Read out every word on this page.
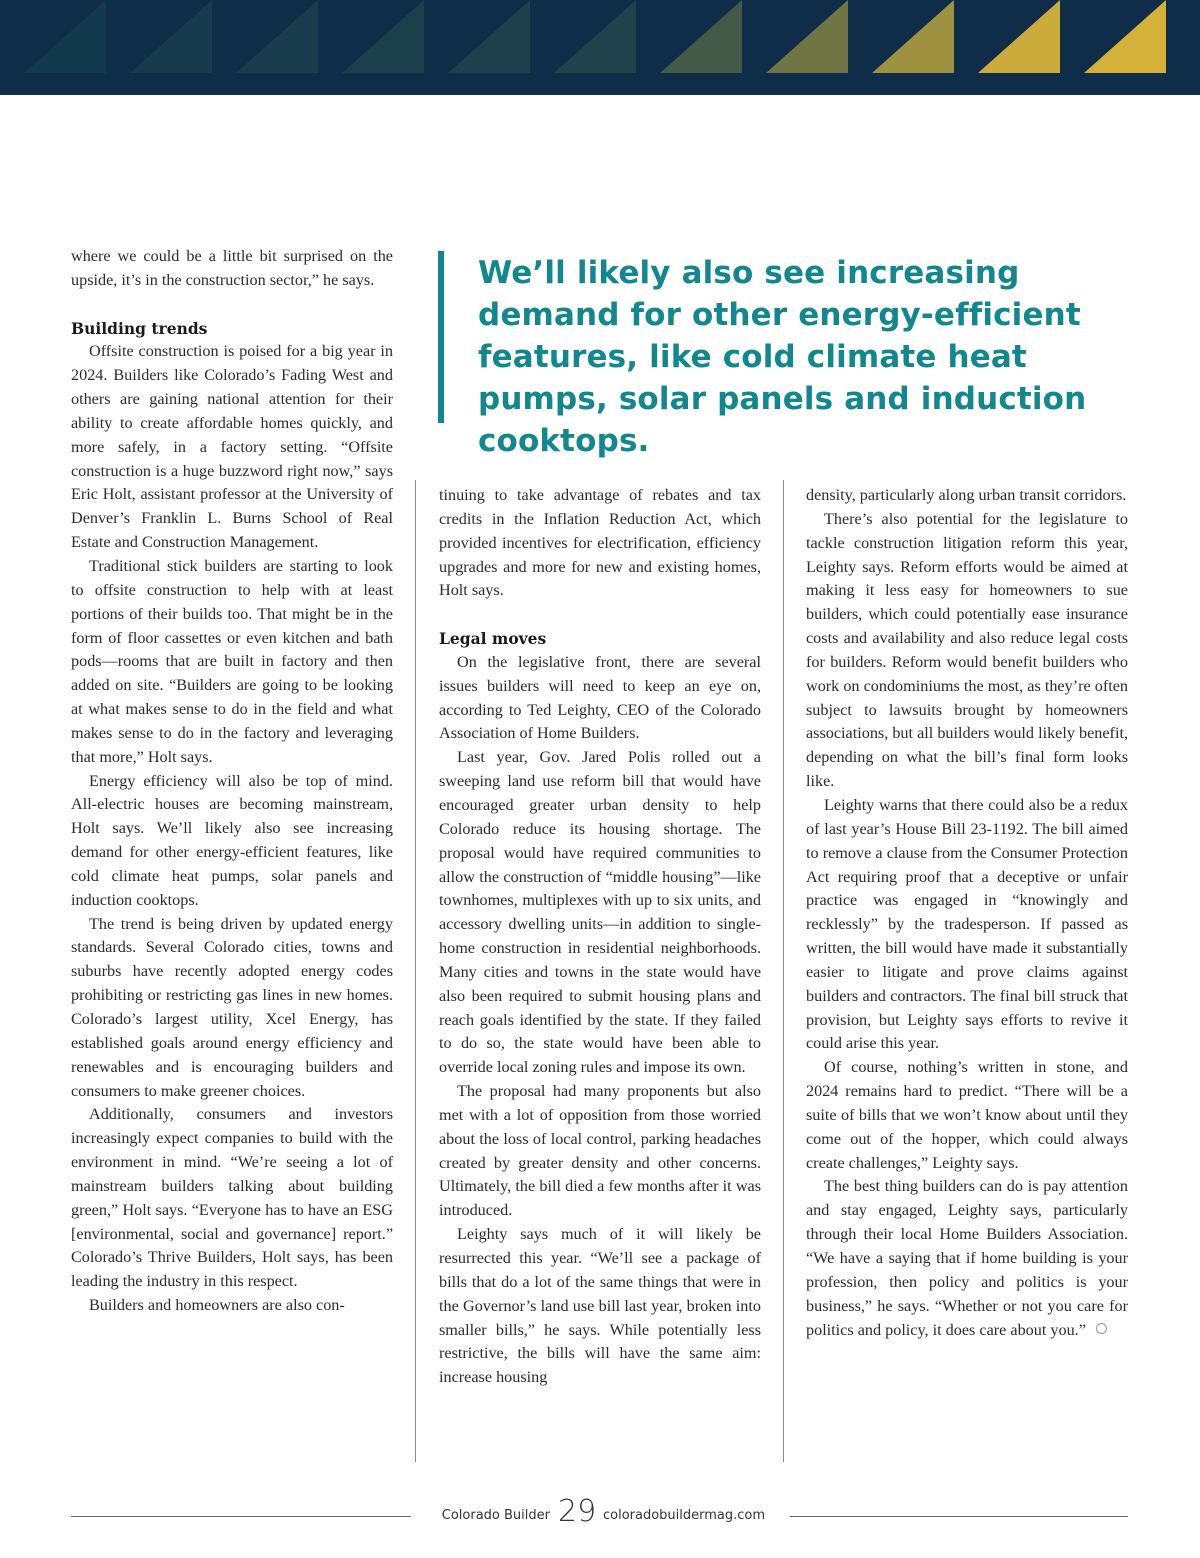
We’ll likely also see increasing demand for other energy-efficient features, like cold climate heat pumps, solar panels and induction cooktops.

where we could be a little bit surprised on the upside, it’s in the construction sector,” he says.

Building trends

Offsite construction is poised for a big year in 2024. Builders like Colorado’s Fading West and others are gaining national attention for their ability to create affordable homes quickly, and more safely, in a factory setting. “Offsite construction is a huge buzzword right now,” says Eric Holt, assistant professor at the University of Denver’s Franklin L. Burns School of Real Estate and Construction Management.

Traditional stick builders are starting to look to offsite construction to help with at least portions of their builds too. That might be in the form of floor cassettes or even kitchen and bath pods—rooms that are built in factory and then added on site. “Builders are going to be looking at what makes sense to do in the field and what makes sense to do in the factory and leveraging that more,” Holt says.

Energy efficiency will also be top of mind. All-electric houses are becoming mainstream, Holt says. We’ll likely also see increasing demand for other energy-efficient features, like cold climate heat pumps, solar panels and induction cooktops.

The trend is being driven by updated energy standards. Several Colorado cities, towns and suburbs have recently adopted energy codes prohibiting or restricting gas lines in new homes. Colorado’s largest utility, Xcel Energy, has established goals around energy efficiency and renewables and is encouraging builders and consumers to make greener choices.

Additionally, consumers and investors increasingly expect companies to build with the environment in mind. “We’re seeing a lot of mainstream builders talking about building green,” Holt says. “Everyone has to have an ESG [environmental, social and governance] report.” Colorado’s Thrive Builders, Holt says, has been leading the industry in this respect.

Builders and homeowners are also con-

tinuing to take advantage of rebates and tax credits in the Inflation Reduction Act, which provided incentives for electrification, efficiency upgrades and more for new and existing homes, Holt says.

Legal moves

On the legislative front, there are several issues builders will need to keep an eye on, according to Ted Leighty, CEO of the Colorado Association of Home Builders.

Last year, Gov. Jared Polis rolled out a sweeping land use reform bill that would have encouraged greater urban density to help Colorado reduce its housing shortage. The proposal would have required communities to allow the construction of “middle housing”—like townhomes, multiplexes with up to six units, and accessory dwelling units—in addition to single-home construction in residential neighborhoods. Many cities and towns in the state would have also been required to submit housing plans and reach goals identified by the state. If they failed to do so, the state would have been able to override local zoning rules and impose its own.

The proposal had many proponents but also met with a lot of opposition from those worried about the loss of local control, parking headaches created by greater density and other concerns. Ultimately, the bill died a few months after it was introduced.

Leighty says much of it will likely be resurrected this year. “We’ll see a package of bills that do a lot of the same things that were in the Governor’s land use bill last year, broken into smaller bills,” he says. While potentially less restrictive, the bills will have the same aim: increase housing

density, particularly along urban transit corridors.

There’s also potential for the legislature to tackle construction litigation reform this year, Leighty says. Reform efforts would be aimed at making it less easy for homeowners to sue builders, which could potentially ease insurance costs and availability and also reduce legal costs for builders. Reform would benefit builders who work on condominiums the most, as they’re often subject to lawsuits brought by homeowners associations, but all builders would likely benefit, depending on what the bill’s final form looks like.

Leighty warns that there could also be a redux of last year’s House Bill 23-1192. The bill aimed to remove a clause from the Consumer Protection Act requiring proof that a deceptive or unfair practice was engaged in “knowingly and recklessly” by the tradesperson. If passed as written, the bill would have made it substantially easier to litigate and prove claims against builders and contractors. The final bill struck that provision, but Leighty says efforts to revive it could arise this year.

Of course, nothing’s written in stone, and 2024 remains hard to predict. “There will be a suite of bills that we won’t know about until they come out of the hopper, which could always create challenges,” Leighty says.

The best thing builders can do is pay attention and stay engaged, Leighty says, particularly through their local Home Builders Association. “We have a saying that if home building is your profession, then policy and politics is your business,” he says. “Whether or not you care for politics and policy, it does care about you.”

Colorado Builder 29 coloradobuildermag.com
